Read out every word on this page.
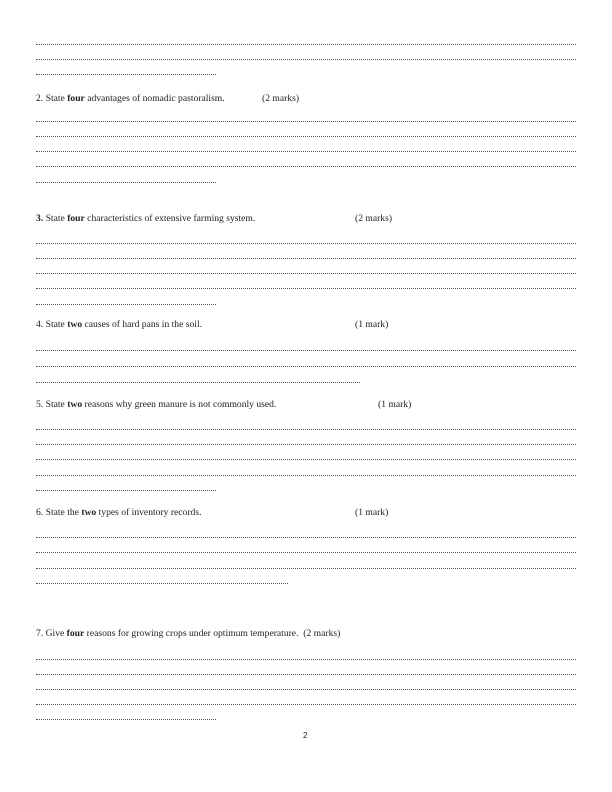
2. State four advantages of nomadic pastoralism.	(2 marks)
3. State four characteristics of extensive farming system.	(2 marks)
4. State two causes of hard pans in the soil.	(1 mark)
5. State two reasons why green manure is not commonly used.	(1 mark)
6. State the two types of inventory records.	(1 mark)
7. Give four reasons for growing crops under optimum temperature. (2 marks)
2
